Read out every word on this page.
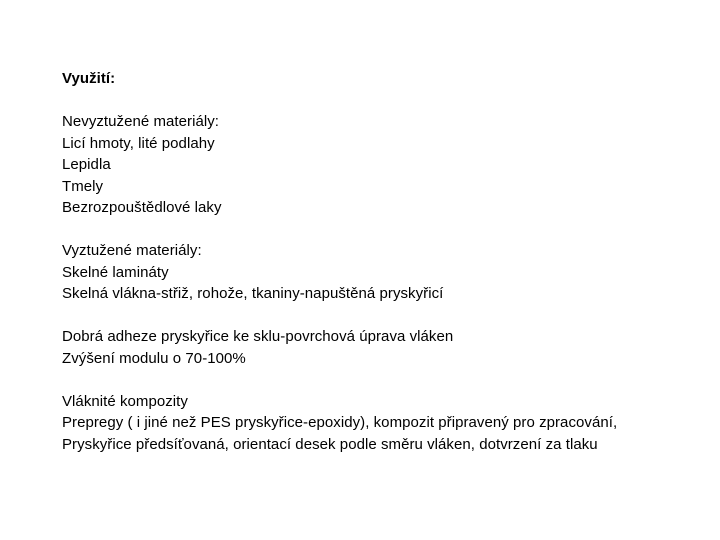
Využití:
Nevyztužené materiály:
Licí hmoty, lité podlahy
Lepidla
Tmely
Bezrozpouštědlové laky
Vyztužené materiály:
Skelné lamináty
Skelná vlákna-střiž, rohože, tkaniny-napuštěná pryskyřicí
Dobrá adheze pryskyřice ke sklu-povrchová úprava vláken
Zvýšení modulu o 70-100%
Vláknité kompozity
Prepregy ( i jiné než PES pryskyřice-epoxidy), kompozit připravený pro zpracování,
Pryskyřice předsíťovaná, orientací desek podle směru vláken, dotvrzení za tlaku
